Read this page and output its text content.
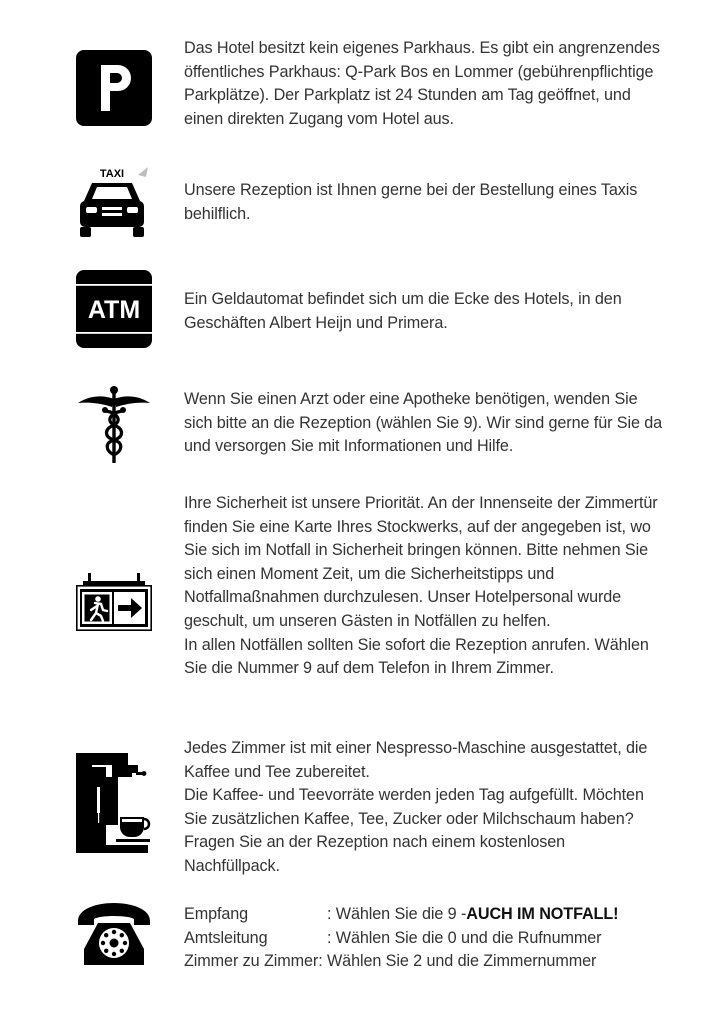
Das Hotel besitzt kein eigenes Parkhaus. Es gibt ein angrenzendes öffentliches Parkhaus: Q-Park Bos en Lommer (gebührenpflichtige Parkplätze). Der Parkplatz ist 24 Stunden am Tag geöffnet, und einen direkten Zugang vom Hotel aus.

TAXI

Unsere Rezeption ist Ihnen gerne bei der Bestellung eines Taxis behilflich.

ATM	Ein Geldautomat befindet sich um die Ecke des Hotels, in den Geschäften Albert Heijn und Primera.

Wenn Sie einen Arzt oder eine Apotheke benötigen, wenden Sie sich bitte an die Rezeption (wählen Sie 9). Wir sind gerne für Sie da und versorgen Sie mit Informationen und Hilfe.

Ihre Sicherheit ist unsere Priorität. An der Innenseite der Zimmertür finden Sie eine Karte Ihres Stockwerks, auf der angegeben ist, wo Sie sich im Notfall in Sicherheit bringen können. Bitte nehmen Sie sich einen Moment Zeit, um die Sicherheitstipps und Notfallmaßnahmen durchzulesen. Unser Hotelpersonal wurde geschult, um unseren Gästen in Notfällen zu helfen.

In allen Notfällen sollten Sie sofort die Rezeption anrufen. Wählen Sie die Nummer 9 auf dem Telefon in Ihrem Zimmer.

Jedes Zimmer ist mit einer Nespresso-Maschine ausgestattet, die Kaffee und Tee zubereitet.

Die Kaffee- und Teevorräte werden jeden Tag aufgefüllt. Möchten Sie zusätzlichen Kaffee, Tee, Zucker oder Milchschaum haben? Fragen Sie an der Rezeption nach einem kostenlosen Nachfüllpack.

Empfang	: Wählen Sie die 9 - AUCH IM NOTFALL!
Amtsleitung	: Wählen Sie die 0 und die Rufnummer
Zimmer zu Zimmer : Wählen Sie 2 und die Zimmernummer
